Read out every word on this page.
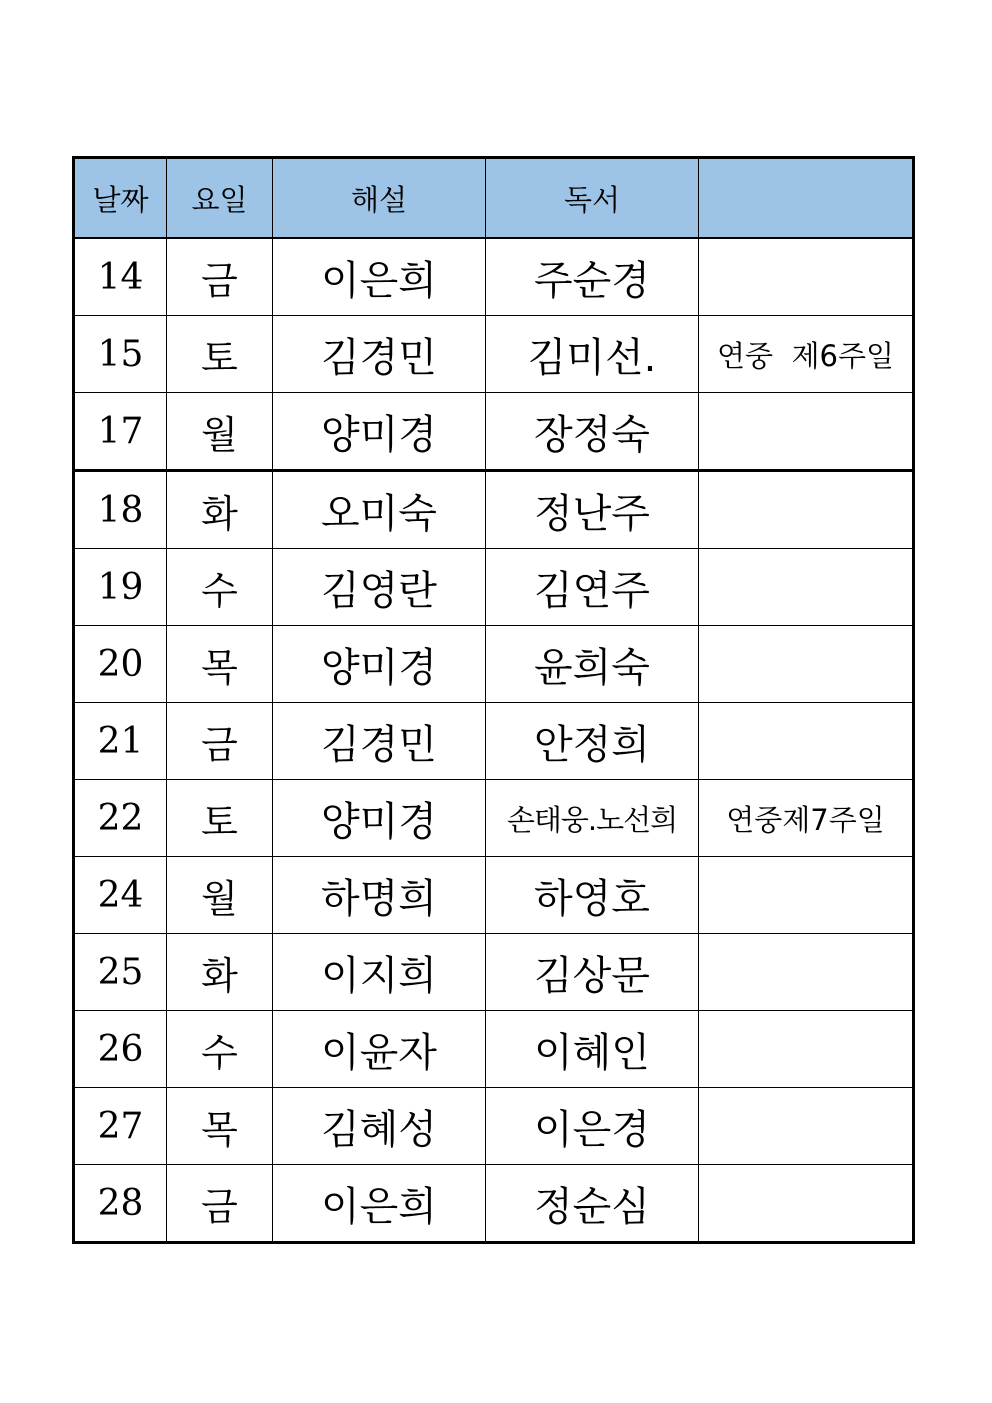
날짜	요일	해설	독서	
14	금	이은희	주순경	
15	토	김경민	김미선.	연중  제6주일
17	월	양미경	장정숙	
18	화	오미숙	정난주	
19	수	김영란	김연주	
20	목	양미경	윤희숙	
21	금	김경민	안정희	
22	토	양미경	손태웅.노선희	연중제7주일
24	월	하명희	하영호	
25	화	이지희	김상문	
26	수	이윤자	이혜인	
27	목	김혜성	이은경	
28	금	이은희	정순심	
